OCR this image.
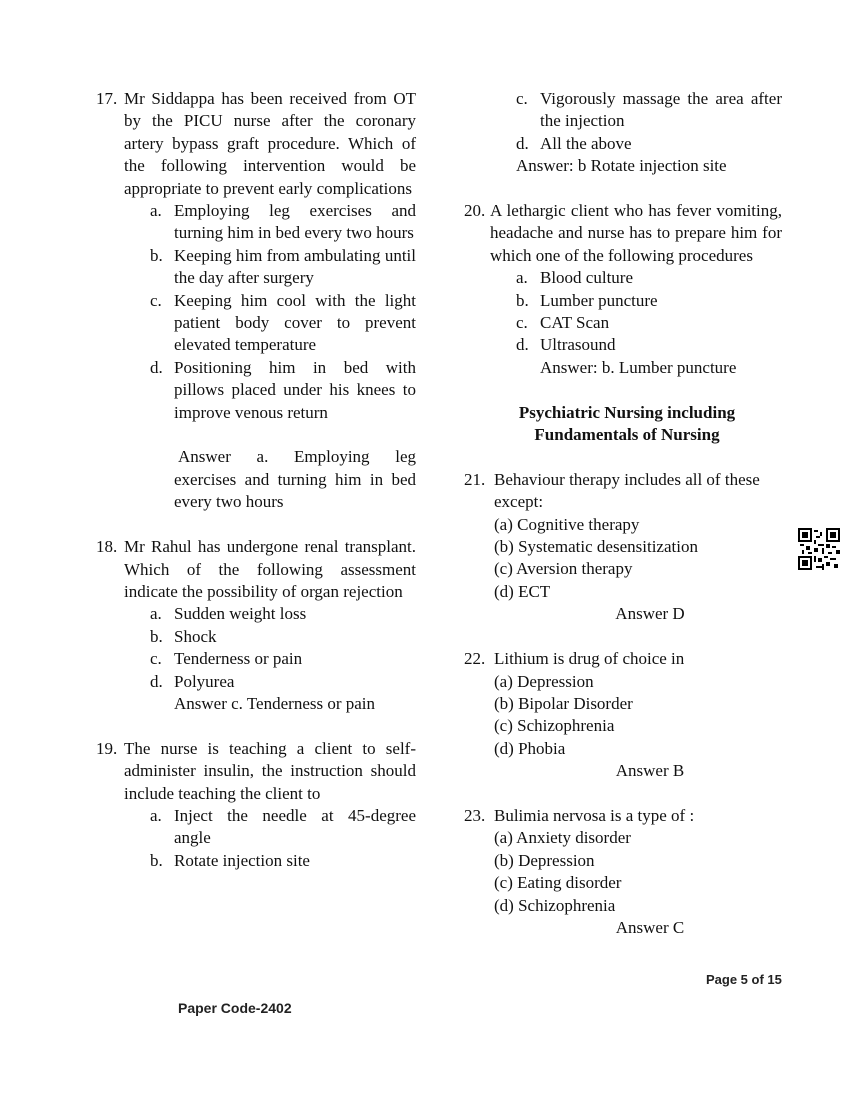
17. Mr Siddappa has been received from OT by the PICU nurse after the coronary artery bypass graft procedure. Which of the following intervention would be appropriate to prevent early complications
a. Employing leg exercises and turning him in bed every two hours
b. Keeping him from ambulating until the day after surgery
c. Keeping him cool with the light patient body cover to prevent elevated temperature
d. Positioning him in bed with pillows placed under his knees to improve venous return
Answer a. Employing leg exercises and turning him in bed every two hours
18. Mr Rahul has undergone renal transplant. Which of the following assessment indicate the possibility of organ rejection
a. Sudden weight loss
b. Shock
c. Tenderness or pain
d. Polyurea
Answer c. Tenderness or pain
19. The nurse is teaching a client to self-administer insulin, the instruction should include teaching the client to
a. Inject the needle at 45-degree angle
b. Rotate injection site
c. Vigorously massage the area after the injection
d. All the above
Answer: b Rotate injection site
20. A lethargic client who has fever vomiting, headache and nurse has to prepare him for which one of the following procedures
a. Blood culture
b. Lumber puncture
c. CAT Scan
d. Ultrasound
Answer: b. Lumber puncture
Psychiatric Nursing including
Fundamentals of Nursing
21. Behaviour therapy includes all of these except:
(a) Cognitive therapy
(b) Systematic desensitization
(c) Aversion therapy
(d) ECT
Answer D
22. Lithium is drug of choice in
(a) Depression
(b) Bipolar Disorder
(c) Schizophrenia
(d) Phobia
Answer B
23. Bulimia nervosa is a type of :
(a) Anxiety disorder
(b) Depression
(c) Eating disorder
(d) Schizophrenia
Answer C
Page 5 of 15
Paper Code-2402
